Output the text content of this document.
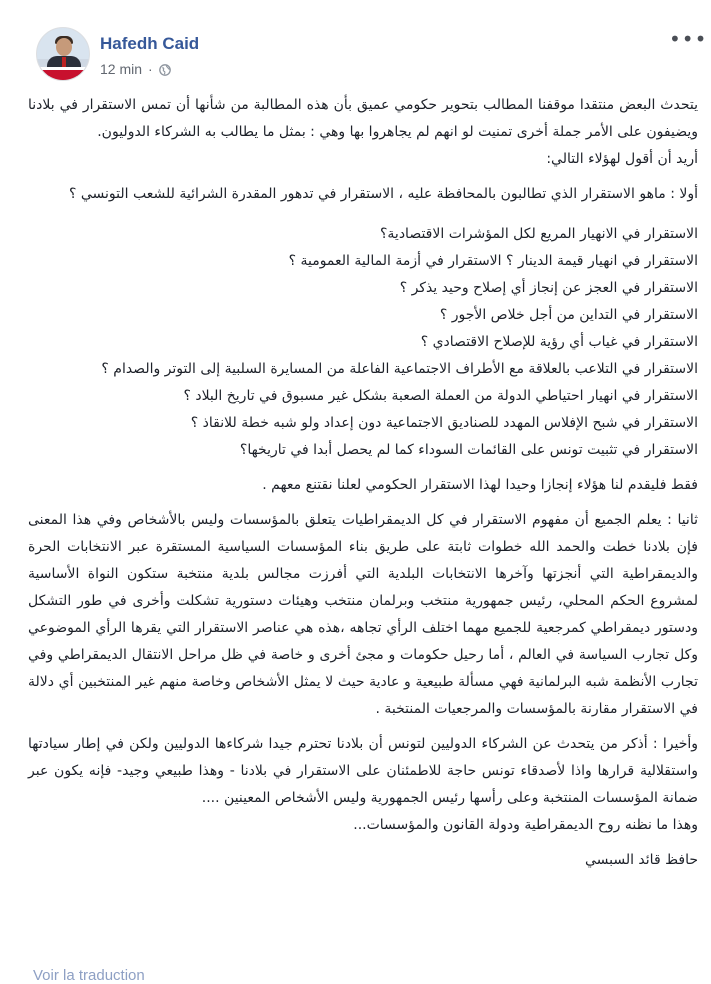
Hafedh Caid
12 min ·
•••

يتحدث البعض منتقدا موقفنا المطالب بتحوير حكومي عميق بأن هذه المطالبة من شأنها أن تمس الاستقرار في بلادنا ويضيفون على الأمر جملة أخرى تمنيت لو انهم لم يجاهروا بها وهي : بمثل ما يطالب به الشركاء الدوليون.

أريد أن أقول لهؤلاء التالي:

أولا : ماهو الاستقرار الذي تطالبون بالمحافظة عليه ، الاستقرار في تدهور المقدرة الشرائية للشعب التونسي ؟

الاستقرار في الانهيار المريع لكل المؤشرات الاقتصادية؟

الاستقرار في انهيار قيمة الدينار ؟ الاستقرار في أزمة المالية العمومية ؟

الاستقرار في العجز عن إنجاز أي إصلاح وحيد يذكر ؟

الاستقرار في التداين من أجل خلاص الأجور ؟

الاستقرار في غياب أي رؤية للإصلاح الاقتصادي ؟

الاستقرار في التلاعب بالعلاقة مع الأطراف الاجتماعية الفاعلة من المسايرة السلبية إلى التوتر والصدام ؟

الاستقرار في انهيار احتياطي الدولة من العملة الصعبة بشكل غير مسبوق في تاريخ البلاد ؟

الاستقرار في شبح الإفلاس المهدد للصناديق الاجتماعية دون إعداد ولو شبه خطة للانقاذ ؟

الاستقرار في تثبيت تونس على القائمات السوداء كما لم يحصل أبدا في تاريخها؟

فقط فليقدم لنا هؤلاء إنجازا وحيدا لهذا الاستقرار الحكومي لعلنا نقتنع معهم .

ثانيا : يعلم الجميع أن مفهوم الاستقرار في كل الديمقراطيات يتعلق بالمؤسسات وليس بالأشخاص وفي هذا المعنى فإن بلادنا خطت والحمد الله خطوات ثابتة على طريق بناء المؤسسات السياسية المستقرة عبر الانتخابات الحرة والديمقراطية التي أنجزتها وآخرها الانتخابات البلدية التي أفرزت مجالس بلدية منتخبة ستكون النواة الأساسية لمشروع الحكم المحلي، رئيس جمهورية منتخب وبرلمان منتخب وهيئات دستورية تشكلت وأخرى في طور التشكل ودستور ديمقراطي كمرجعية للجميع مهما اختلف الرأي تجاهه ،هذه هي عناصر الاستقرار التي يقرها الرأي الموضوعي وكل تجارب السياسة في العالم ، أما رحيل حكومات و مجئ أخرى و خاصة في ظل مراحل الانتقال الديمقراطي وفي تجارب الأنظمة شبه البرلمانية فهي مسألة طبيعية و عادية حيث لا يمثل الأشخاص وخاصة منهم غير المنتخبين أي دلالة في الاستقرار مقارنة بالمؤسسات والمرجعيات المنتخبة .

وأخيرا : أذكر من يتحدث عن الشركاء الدوليين لتونس أن بلادنا تحترم جيدا شركاءها الدوليين ولكن في إطار سيادتها واستقلالية قرارها واذا لأصدقاء تونس حاجة للاطمئنان على الاستقرار في بلادنا - وهذا طبيعي وجيد- فإنه يكون عبر ضمانة المؤسسات المنتخبة وعلى رأسها رئيس الجمهورية وليس الأشخاص المعينين ....

وهذا ما نظنه روح الديمقراطية ودولة القانون والمؤسسات...

حافظ قائد السبسي

Voir la traduction
